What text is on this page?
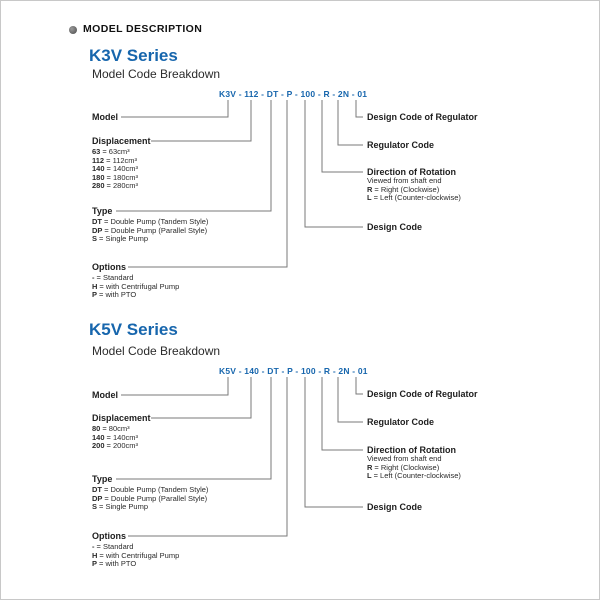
MODEL DESCRIPTION
K3V Series
Model Code Breakdown
K3V - 112 - DT - P - 100 - R - 2N - 01
Model
Displacement
63 = 63cm³
112 = 112cm³
140 = 140cm³
180 = 180cm³
280 = 280cm³
Type
DT = Double Pump (Tandem Style)
DP = Double Pump (Parallel Style)
S = Single Pump
Options
- = Standard
H = with Centrifugal Pump
P = with PTO
Design Code of Regulator
Regulator Code
Direction of Rotation
Viewed from shaft end
R = Right (Clockwise)
L = Left (Counter-clockwise)
Design Code
K5V Series
Model Code Breakdown
K5V - 140 - DT - P - 100 - R - 2N - 01
Model
Displacement
80 = 80cm³
140 = 140cm³
200 = 200cm³
Type
DT = Double Pump (Tandem Style)
DP = Double Pump (Parallel Style)
S = Single Pump
Options
- = Standard
H = with Centrifugal Pump
P = with PTO
Design Code of Regulator
Regulator Code
Direction of Rotation
Viewed from shaft end
R = Right (Clockwise)
L = Left (Counter-clockwise)
Design Code
